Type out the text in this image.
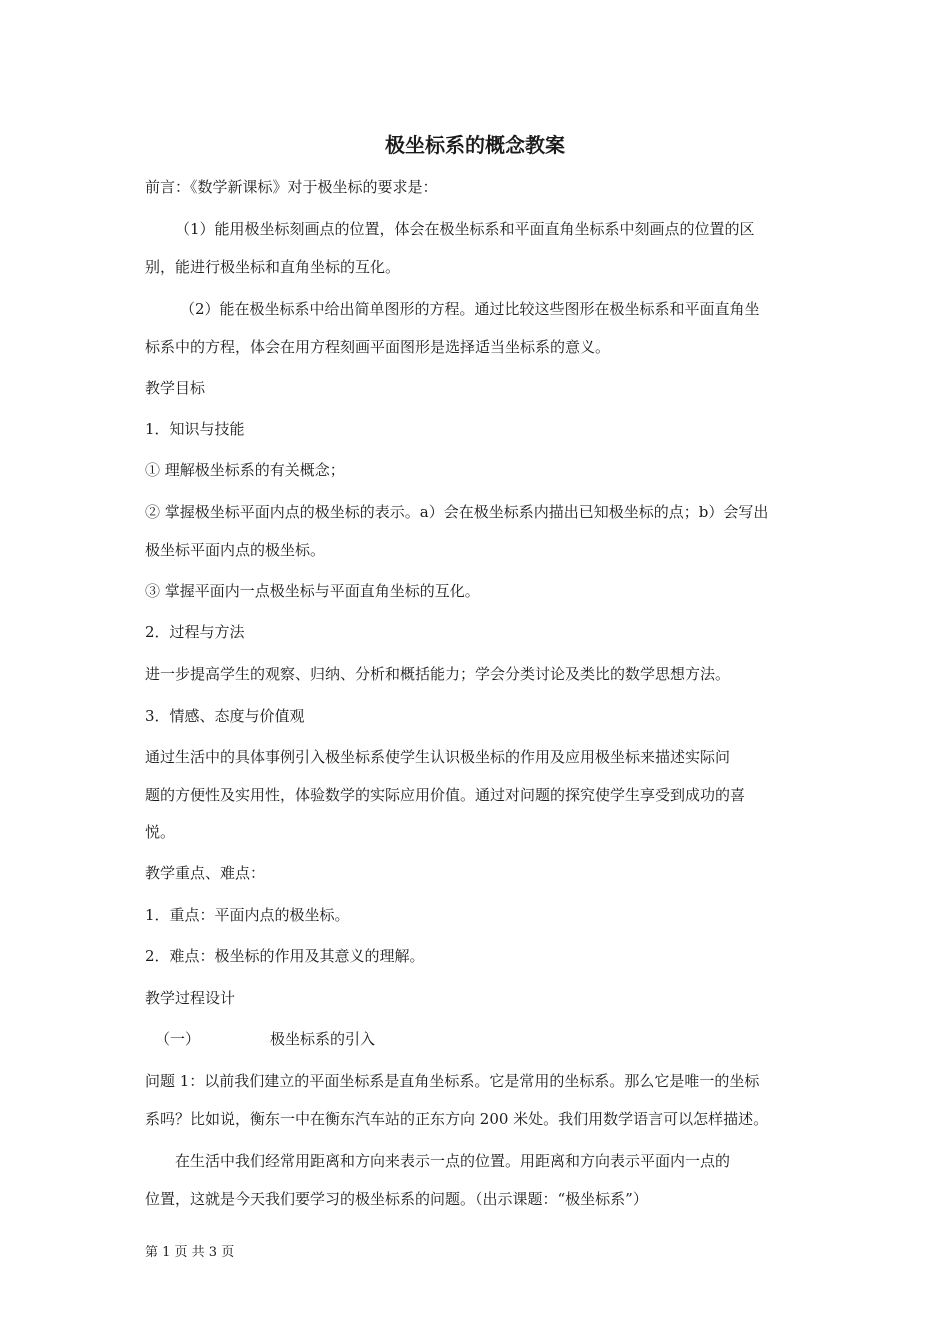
极坐标系的概念教案
前言：《数学新课标》对于极坐标的要求是：
（1）能用极坐标刻画点的位置，体会在极坐标系和平面直角坐标系中刻画点的位置的区
别，能进行极坐标和直角坐标的互化。
（2）能在极坐标系中给出简单图形的方程。通过比较这些图形在极坐标系和平面直角坐
标系中的方程，体会在用方程刻画平面图形是选择适当坐标系的意义。
教学目标
1．知识与技能
① 理解极坐标系的有关概念；
② 掌握极坐标平面内点的极坐标的表示。a）会在极坐标系内描出已知极坐标的点；b）会写出
极坐标平面内点的极坐标。
③ 掌握平面内一点极坐标与平面直角坐标的互化。
2．过程与方法
进一步提高学生的观察、归纳、分析和概括能力；学会分类讨论及类比的数学思想方法。
3．情感、态度与价值观
通过生活中的具体事例引入极坐标系使学生认识极坐标的作用及应用极坐标来描述实际问
题的方便性及实用性，体验数学的实际应用价值。通过对问题的探究使学生享受到成功的喜
悦。
教学重点、难点：
1．重点：平面内点的极坐标。
2．难点：极坐标的作用及其意义的理解。
教学过程设计
（一）	极坐标系的引入
问题 1：以前我们建立的平面坐标系是直角坐标系。它是常用的坐标系。那么它是唯一的坐标
系吗？比如说，衡东一中在衡东汽车站的正东方向 200 米处。我们用数学语言可以怎样描述。
在生活中我们经常用距离和方向来表示一点的位置。用距离和方向表示平面内一点的
位置，这就是今天我们要学习的极坐标系的问题。（出示课题：“极坐标系”）
第 1 页 共 3 页
